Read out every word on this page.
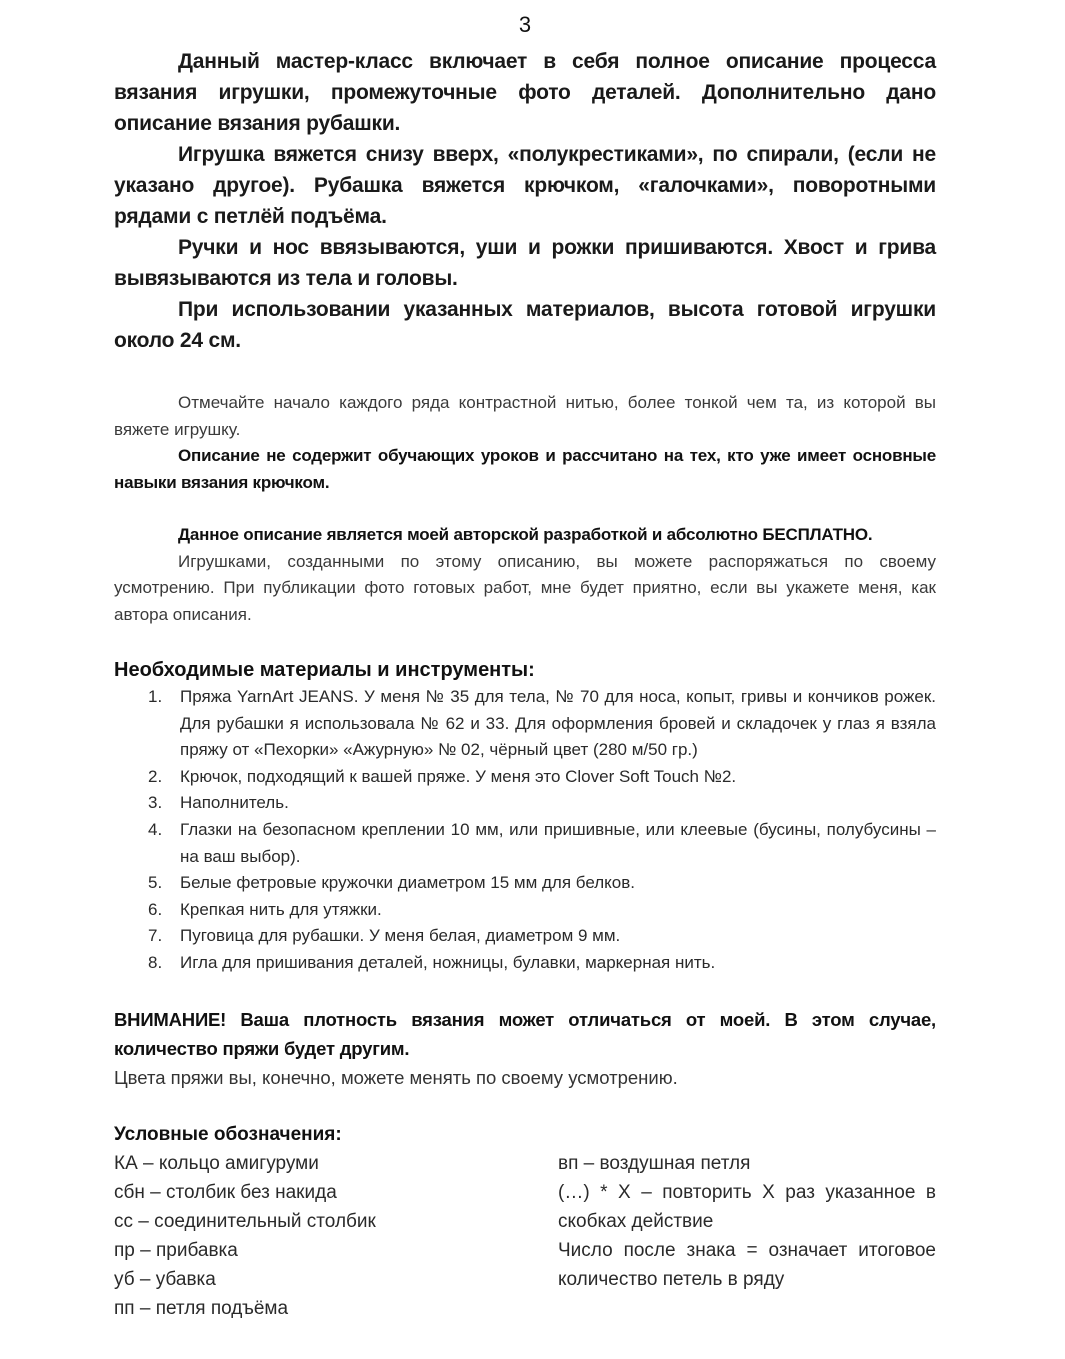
3

Данный мастер-класс включает в себя полное описание процесса вязания игрушки, промежуточные фото деталей. Дополнительно дано описание вязания рубашки.

Игрушка вяжется снизу вверх, «полукрестиками», по спирали, (если не указано другое). Рубашка вяжется крючком, «галочками», поворотными рядами с петлёй подъёма.

Ручки и нос ввязываются, уши и рожки пришиваются. Хвост и грива вывязываются из тела и головы.

При использовании указанных материалов, высота готовой игрушки около 24 см.

Отмечайте начало каждого ряда контрастной нитью, более тонкой чем та, из которой вы вяжете игрушку.

Описание не содержит обучающих уроков и рассчитано на тех, кто уже имеет основные навыки вязания крючком.

Данное описание является моей авторской разработкой и абсолютно БЕСПЛАТНО.

Игрушками, созданными по этому описанию, вы можете распоряжаться по своему усмотрению. При публикации фото готовых работ, мне будет приятно, если вы укажете меня, как автора описания.

Необходимые материалы и инструменты:

1. Пряжа YarnArt JEANS. У меня № 35 для тела, № 70 для носа, копыт, гривы и кончиков рожек. Для рубашки я использовала № 62 и 33. Для оформления бровей и складочек у глаз я взяла пряжу от «Пехорки» «Ажурную» № 02, чёрный цвет (280 м/50 гр.)
2. Крючок, подходящий к вашей пряже. У меня это Clover Soft Touch №2.
3. Наполнитель.
4. Глазки на безопасном креплении 10 мм, или пришивные, или клеевые (бусины, полубусины – на ваш выбор).
5. Белые фетровые кружочки диаметром 15 мм для белков.
6. Крепкая нить для утяжки.
7. Пуговица для рубашки. У меня белая, диаметром 9 мм.
8. Игла для пришивания деталей, ножницы, булавки, маркерная нить.

ВНИМАНИЕ! Ваша плотность вязания может отличаться от моей. В этом случае, количество пряжи будет другим.

Цвета пряжи вы, конечно, можете менять по своему усмотрению.

Условные обозначения:

КА – кольцо амигуруми
сбн – столбик без накида
сс – соединительный столбик
пр – прибавка
уб – убавка
пп – петля подъёма
вп – воздушная петля
(…) * Х – повторить Х раз указанное в скобках действие
Число после знака = означает итоговое количество петель в ряду
